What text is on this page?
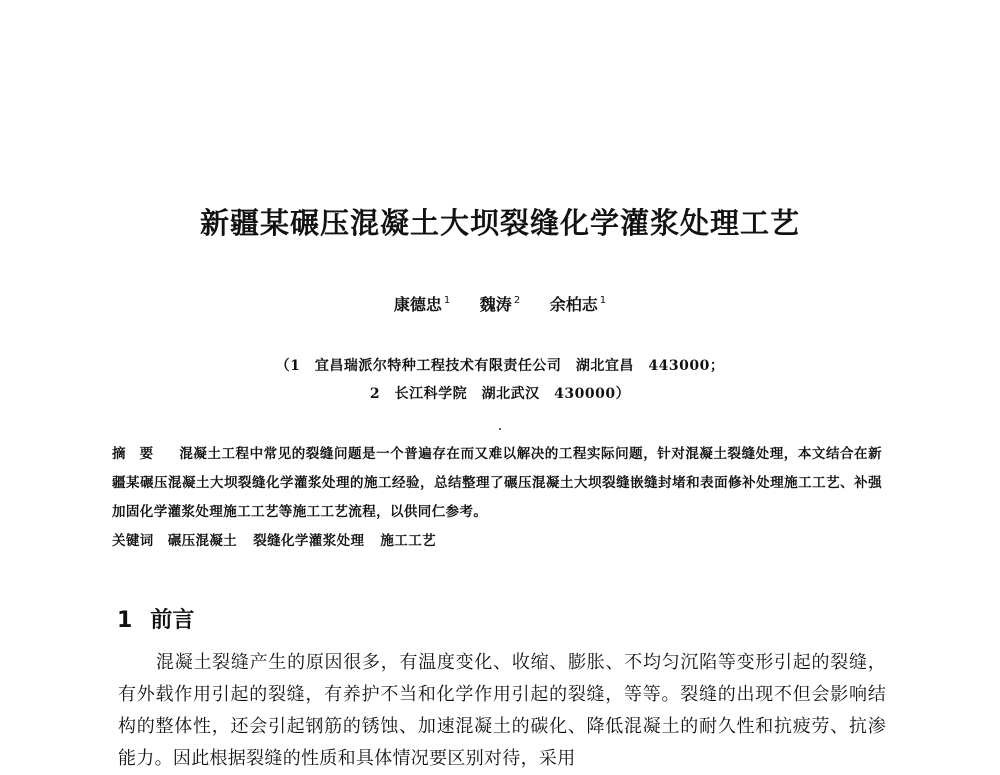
新疆某碾压混凝土大坝裂缝化学灌浆处理工艺
康德忠 $^1$ 魏涛 $^2$ 余柏志 $^1$
（1　宜昌瑞派尔特种工程技术有限责任公司　湖北宜昌　443000；
2　长江科学院　湖北武汉　430000）
摘要 混凝土工程中常见的裂缝问题是一个普遍存在而又难以解决的工程实际问题，针对混凝土裂缝处理，本文结合在新疆某碾压混凝土大坝裂缝化学灌浆处理的施工经验，总结整理了碾压混凝土大坝裂缝嵌缝封堵和表面修补处理施工工艺、补强加固化学灌浆处理施工工艺等施工工艺流程，以供同仁参考。
关键词 碾压混凝土 裂缝化学灌浆处理 施工工艺
1 前言
混凝土裂缝产生的原因很多，有温度变化、收缩、膨胀、不均匀沉陷等变形引起的裂缝，有外载作用引起的裂缝，有养护不当和化学作用引起的裂缝，等等。裂缝的出现不但会影响结构的整体性，还会引起钢筋的锈蚀、加速混凝土的碳化、降低混凝土的耐久性和抗疲劳、抗渗能力。因此根据裂缝的性质和具体情况要区别对待，采用
